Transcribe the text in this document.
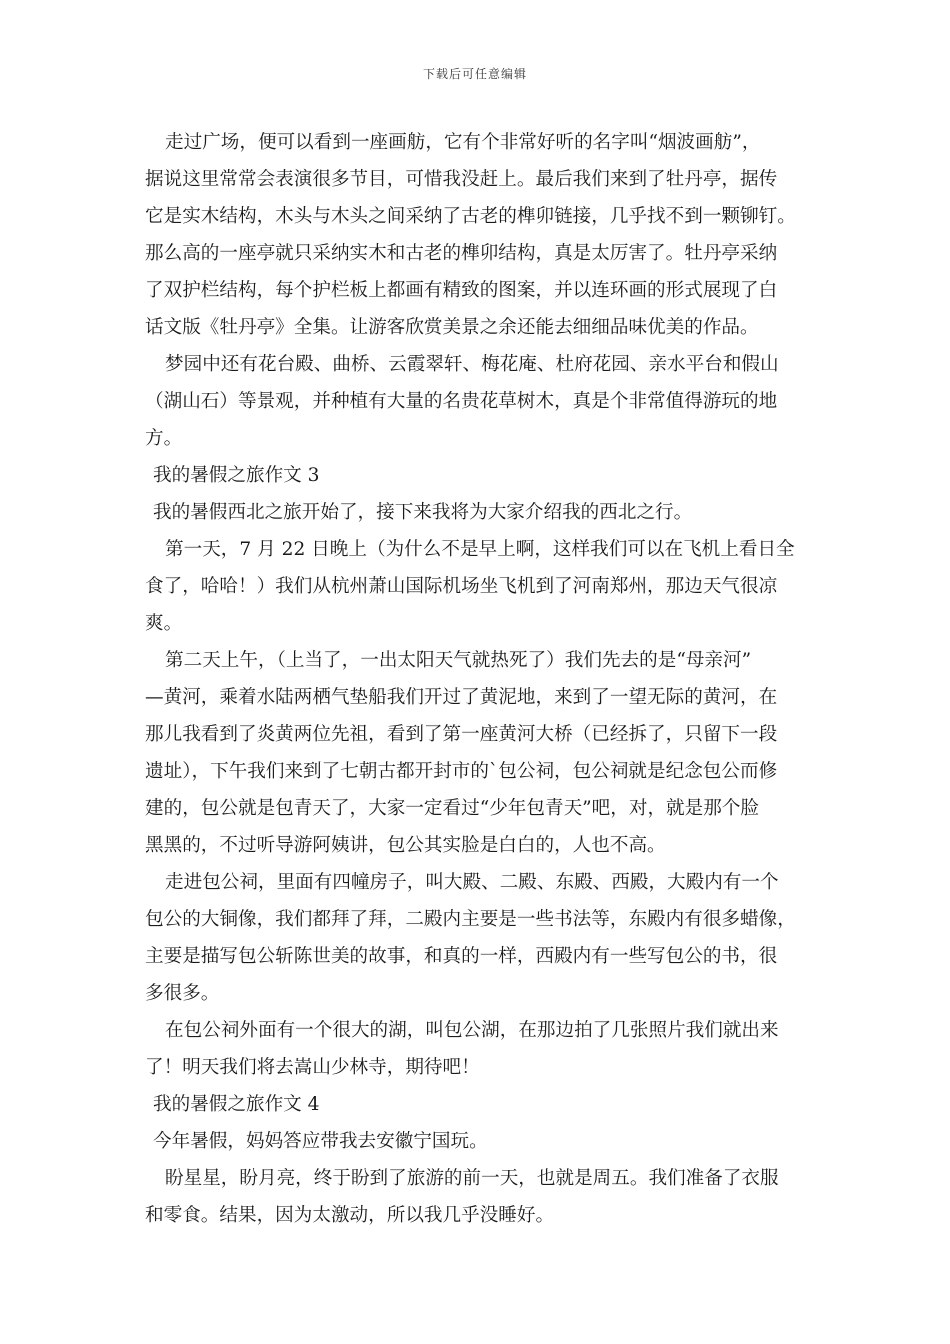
下载后可任意编辑
走过广场，便可以看到一座画舫，它有个非常好听的名字叫“烟波画舫”，
据说这里常常会表演很多节目，可惜我没赶上。最后我们来到了牡丹亭，据传
它是实木结构，木头与木头之间采纳了古老的榫卯链接，几乎找不到一颗铆钉。
那么高的一座亭就只采纳实木和古老的榫卯结构，真是太厉害了。牡丹亭采纳
了双护栏结构，每个护栏板上都画有精致的图案，并以连环画的形式展现了白
话文版《牡丹亭》全集。让游客欣赏美景之余还能去细细品味优美的作品。
梦园中还有花台殿、曲桥、云霞翠轩、梅花庵、杜府花园、亲水平台和假山
（湖山石）等景观，并种植有大量的名贵花草树木，真是个非常值得游玩的地
方。
我的暑假之旅作文 3
我的暑假西北之旅开始了，接下来我将为大家介绍我的西北之行。
第一天，7 月 22 日晚上（为什么不是早上啊，这样我们可以在飞机上看日全
食了，哈哈！）我们从杭州萧山国际机场坐飞机到了河南郑州，那边天气很凉
爽。
第二天上午，（上当了，一出太阳天气就热死了）我们先去的是“母亲河”
—黄河，乘着水陆两栖气垫船我们开过了黄泥地，来到了一望无际的黄河，在
那儿我看到了炎黄两位先祖，看到了第一座黄河大桥（已经拆了，只留下一段
遗址），下午我们来到了七朝古都开封市的`包公祠，包公祠就是纪念包公而修
建的，包公就是包青天了，大家一定看过“少年包青天”吧，对，就是那个脸
黑黑的，不过听导游阿姨讲，包公其实脸是白白的，人也不高。
走进包公祠，里面有四幢房子，叫大殿、二殿、东殿、西殿，大殿内有一个
包公的大铜像，我们都拜了拜，二殿内主要是一些书法等，东殿内有很多蜡像，
主要是描写包公斩陈世美的故事，和真的一样，西殿内有一些写包公的书，很
多很多。
在包公祠外面有一个很大的湖，叫包公湖，在那边拍了几张照片我们就出来
了！明天我们将去嵩山少林寺，期待吧！
我的暑假之旅作文 4
今年暑假，妈妈答应带我去安徽宁国玩。
盼星星，盼月亮，终于盼到了旅游的前一天，也就是周五。我们准备了衣服
和零食。结果，因为太激动，所以我几乎没睡好。
